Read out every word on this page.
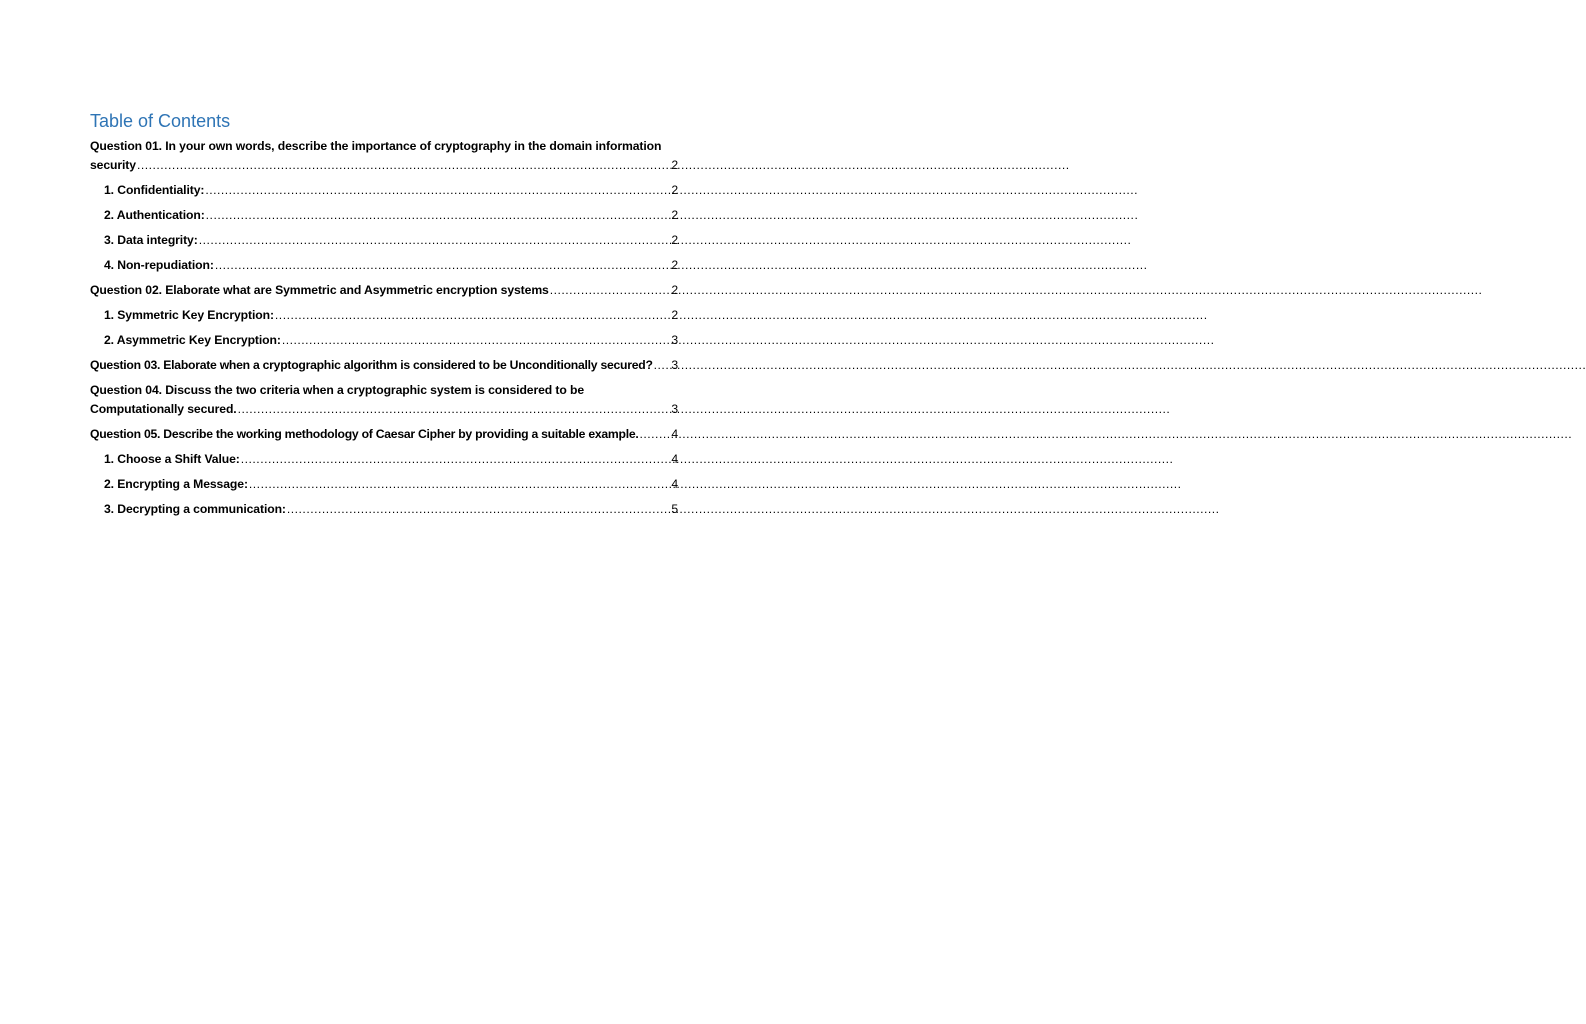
Table of Contents
Question 01. In your own words, describe the importance of cryptography in the domain information
security .....	2
1. Confidentiality: .....	2
2. Authentication: .....	2
3. Data integrity: .....	2
4. Non-repudiation: .....	2
Question 02. Elaborate what are Symmetric and Asymmetric encryption systems .....	2
1. Symmetric Key Encryption: .....	2
2. Asymmetric Key Encryption: .....	3
Question 03. Elaborate when a cryptographic algorithm is considered to be Unconditionally secured? ..... 3
Question 04. Discuss the two criteria when a cryptographic system is considered to be
Computationally secured. .....	3
Question 05. Describe the working methodology of Caesar Cipher by providing a suitable example. .....	4
1. Choose a Shift Value: .....	4
2. Encrypting a Message: .....	4
3. Decrypting a communication: .....	5
